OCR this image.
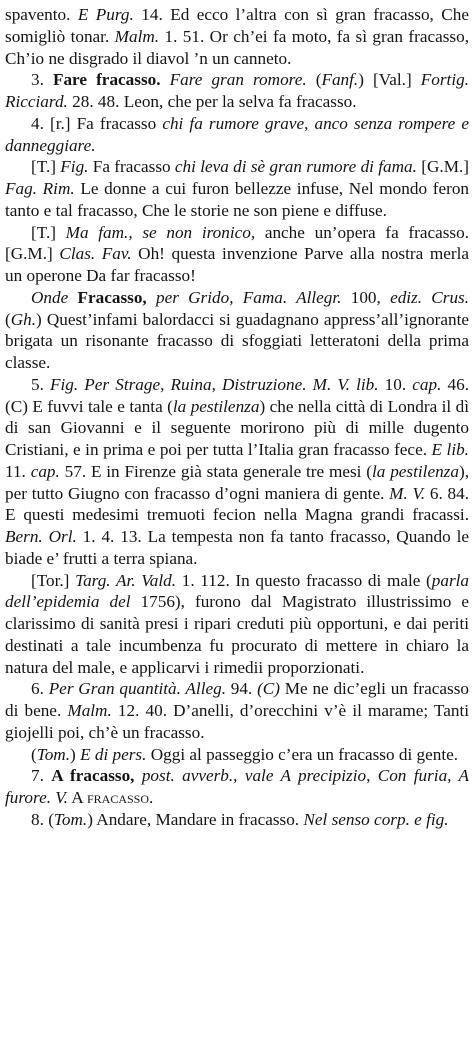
spavento. E Purg. 14. Ed ecco l’altra con sì gran fracasso, Che somigliò tonar. Malm. 1. 51. Or ch’ei fa moto, fa sì gran fracasso, Ch’io ne disgrado il diavol ’n un canneto.

3. Fare fracasso. Fare gran romore. (Fanf.) [Val.] Fortig. Ricciard. 28. 48. Leon, che per la selva fa fracasso.

4. [r.] Fa fracasso chi fa rumore grave, anco senza rompere e danneggiare.

[T.] Fig. Fa fracasso chi leva di sè gran rumore di fama. [G.M.] Fag. Rim. Le donne a cui furon bellezze infuse, Nel mondo feron tanto e tal fracasso, Che le storie ne son piene e diffuse.

[T.] Ma fam., se non ironico, anche un’opera fa fracasso. [G.M.] Clas. Fav. Oh! questa invenzione Parve alla nostra merla un operone Da far fracasso!

Onde Fracasso, per Grido, Fama. Allegr. 100, ediz. Crus. (Gh.) Quest’infami balordacci si guadagnano appress’all’ignorante brigata un risonante fracasso di sfoggiati letteratoni della prima classe.

5. Fig. Per Strage, Ruina, Distruzione. M. V. lib. 10. cap. 46. (C) E fuvvi tale e tanta (la pestilenza) che nella città di Londra il dì di san Giovanni e il seguente morirono più di mille dugento Cristiani, e in prima e poi per tutta l’Italia gran fracasso fece. E lib. 11. cap. 57. E in Firenze già stata generale tre mesi (la pestilenza), per tutto Giugno con fracasso d’ogni maniera di gente. M. V. 6. 84. E questi medesimi tremuoti fecion nella Magna grandi fracassi. Bern. Orl. 1. 4. 13. La tempesta non fa tanto fracasso, Quando le biade e’ frutti a terra spiana.

[Tor.] Targ. Ar. Vald. 1. 112. In questo fracasso di male (parla dell’epidemia del 1756), furono dal Magistrato illustrissimo e clarissimo di sanità presi i ripari creduti più opportuni, e dai periti destinati a tale incumbenza fu procurato di mettere in chiaro la natura del male, e applicarvi i rimedii proporzionati.

6. Per Gran quantità. Alleg. 94. (C) Me ne dic’egli un fracasso di bene. Malm. 12. 40. D’anelli, d’orecchini v’è il marame; Tanti giojelli poi, ch’è un fracasso.

(Tom.) E di pers. Oggi al passeggio c’era un fracasso di gente.

7. A fracasso, post. avverb., vale A precipizio, Con furia, A furore. V. A fracasso.

8. (Tom.) Andare, Mandare in fracasso. Nel senso corp. e fig.
